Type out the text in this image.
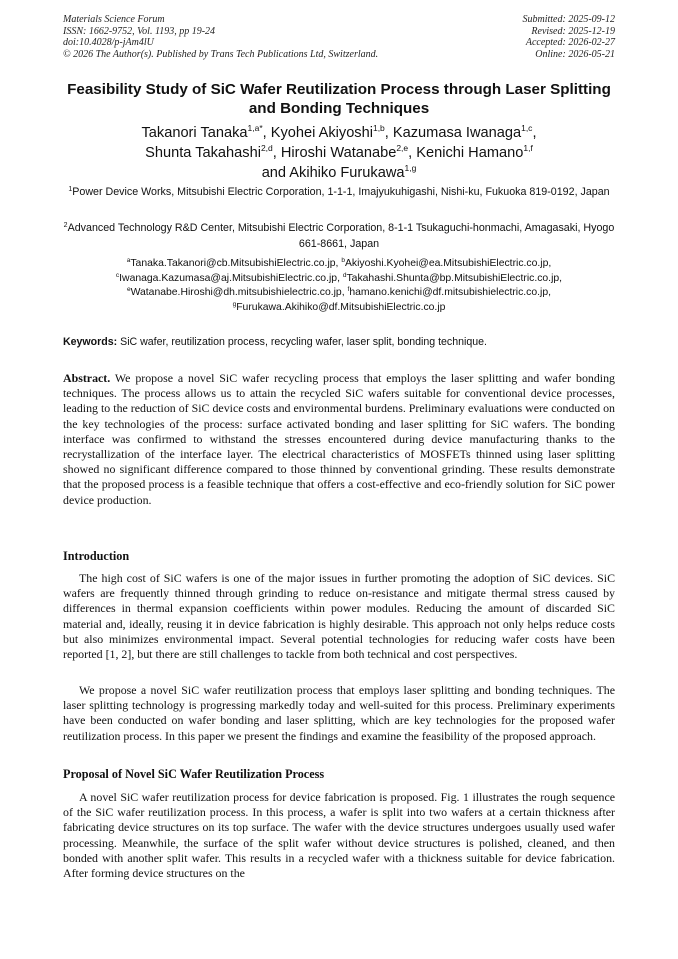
Materials Science Forum
ISSN: 1662-9752, Vol. 1193, pp 19-24
doi:10.4028/p-jAm4lU
© 2026 The Author(s). Published by Trans Tech Publications Ltd, Switzerland.
Submitted: 2025-09-12
Revised: 2025-12-19
Accepted: 2026-02-27
Online: 2026-05-21
Feasibility Study of SiC Wafer Reutilization Process through Laser Splitting and Bonding Techniques
Takanori Tanaka$^{1,a*}$, Kyohei Akiyoshi$^{1,b}$, Kazumasa Iwanaga$^{1,c}$,
Shunta Takahashi$^{2,d}$, Hiroshi Watanabe$^{2,e}$, Kenichi Hamano$^{1,f}$
and Akihiko Furukawa$^{1,g}$
$^1$Power Device Works, Mitsubishi Electric Corporation, 1-1-1, Imajyukuhigashi, Nishi-ku, Fukuoka 819-0192, Japan
$^2$Advanced Technology R&D Center, Mitsubishi Electric Corporation, 8-1-1 Tsukaguchi-honmachi, Amagasaki, Hyogo 661-8661, Japan
$^a$Tanaka.Takanori@cb.MitsubishiElectric.co.jp, $^b$Akiyoshi.Kyohei@ea.MitsubishiElectric.co.jp,
$^c$Iwanaga.Kazumasa@aj.MitsubishiElectric.co.jp, $^d$Takahashi.Shunta@bp.MitsubishiElectric.co.jp,
$^e$Watanabe.Hiroshi@dh.mitsubishielectric.co.jp, $^f$hamano.kenichi@df.mitsubishielectric.co.jp,
$^g$Furukawa.Akihiko@df.MitsubishiElectric.co.jp
Keywords: SiC wafer, reutilization process, recycling wafer, laser split, bonding technique.
Abstract. We propose a novel SiC wafer recycling process that employs the laser splitting and wafer bonding techniques. The process allows us to attain the recycled SiC wafers suitable for conventional device processes, leading to the reduction of SiC device costs and environmental burdens. Preliminary evaluations were conducted on the key technologies of the process: surface activated bonding and laser splitting for SiC wafers. The bonding interface was confirmed to withstand the stresses encountered during device manufacturing thanks to the recrystallization of the interface layer. The electrical characteristics of MOSFETs thinned using laser splitting showed no significant difference compared to those thinned by conventional grinding. These results demonstrate that the proposed process is a feasible technique that offers a cost-effective and eco-friendly solution for SiC power device production.
Introduction
The high cost of SiC wafers is one of the major issues in further promoting the adoption of SiC devices. SiC wafers are frequently thinned through grinding to reduce on-resistance and mitigate thermal stress caused by differences in thermal expansion coefficients within power modules. Reducing the amount of discarded SiC material and, ideally, reusing it in device fabrication is highly desirable. This approach not only helps reduce costs but also minimizes environmental impact. Several potential technologies for reducing wafer costs have been reported [1, 2], but there are still challenges to tackle from both technical and cost perspectives.
We propose a novel SiC wafer reutilization process that employs laser splitting and bonding techniques. The laser splitting technology is progressing markedly today and well-suited for this process. Preliminary experiments have been conducted on wafer bonding and laser splitting, which are key technologies for the proposed wafer reutilization process. In this paper we present the findings and examine the feasibility of the proposed approach.
Proposal of Novel SiC Wafer Reutilization Process
A novel SiC wafer reutilization process for device fabrication is proposed. Fig. 1 illustrates the rough sequence of the SiC wafer reutilization process. In this process, a wafer is split into two wafers at a certain thickness after fabricating device structures on its top surface. The wafer with the device structures undergoes usually used wafer processing. Meanwhile, the surface of the split wafer without device structures is polished, cleaned, and then bonded with another split wafer. This results in a recycled wafer with a thickness suitable for device fabrication. After forming device structures on the
